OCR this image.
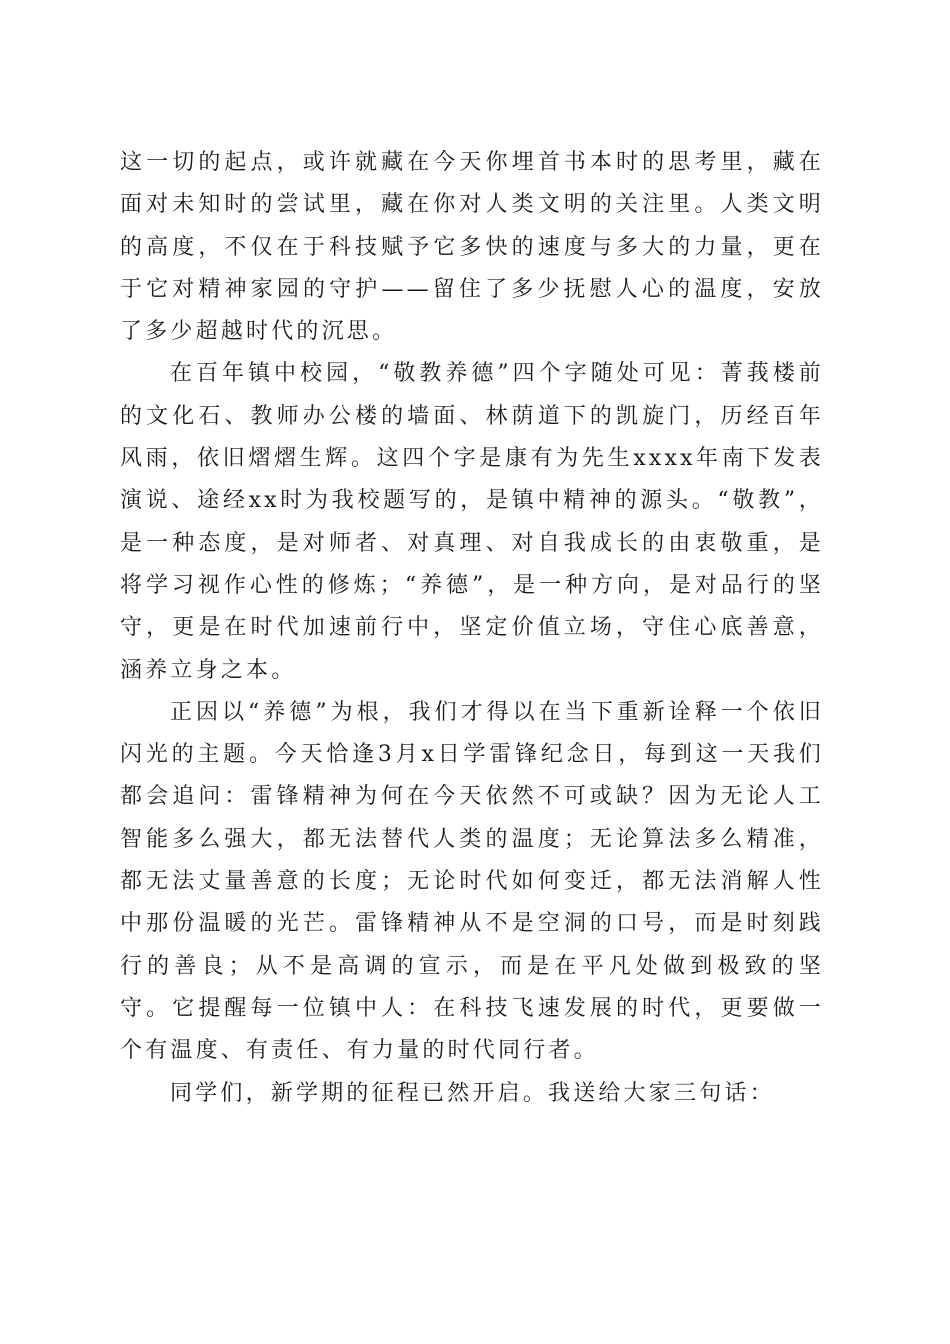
这一切的起点，或许就藏在今天你埋首书本时的思考里，藏在面对未知时的尝试里，藏在你对人类文明的关注里。人类文明的高度，不仅在于科技赋予它多快的速度与多大的力量，更在于它对精神家园的守护——留住了多少抚慰人心的温度，安放了多少超越时代的沉思。

在百年镇中校园，“敬教养德”四个字随处可见：菁莪楼前的文化石、教师办公楼的墙面、林荫道下的凯旋门，历经百年风雨，依旧熠熠生辉。这四个字是康有为先生xxxx年南下发表演说、途经xx时为我校题写的，是镇中精神的源头。“敬教”，是一种态度，是对师者、对真理、对自我成长的由衷敬重，是将学习视作心性的修炼；“养德”，是一种方向，是对品行的坚守，更是在时代加速前行中，坚定价值立场，守住心底善意，涵养立身之本。

正因以“养德”为根，我们才得以在当下重新诠释一个依旧闪光的主题。今天恰逢3月x日学雷锋纪念日，每到这一天我们都会追问：雷锋精神为何在今天依然不可或缺？因为无论人工智能多么强大，都无法替代人类的温度；无论算法多么精准，都无法丈量善意的长度；无论时代如何变迁，都无法消解人性中那份温暖的光芒。雷锋精神从不是空洞的口号，而是时刻践行的善良；从不是高调的宣示，而是在平凡处做到极致的坚守。它提醒每一位镇中人：在科技飞速发展的时代，更要做一个有温度、有责任、有力量的时代同行者。

同学们，新学期的征程已然开启。我送给大家三句话：
